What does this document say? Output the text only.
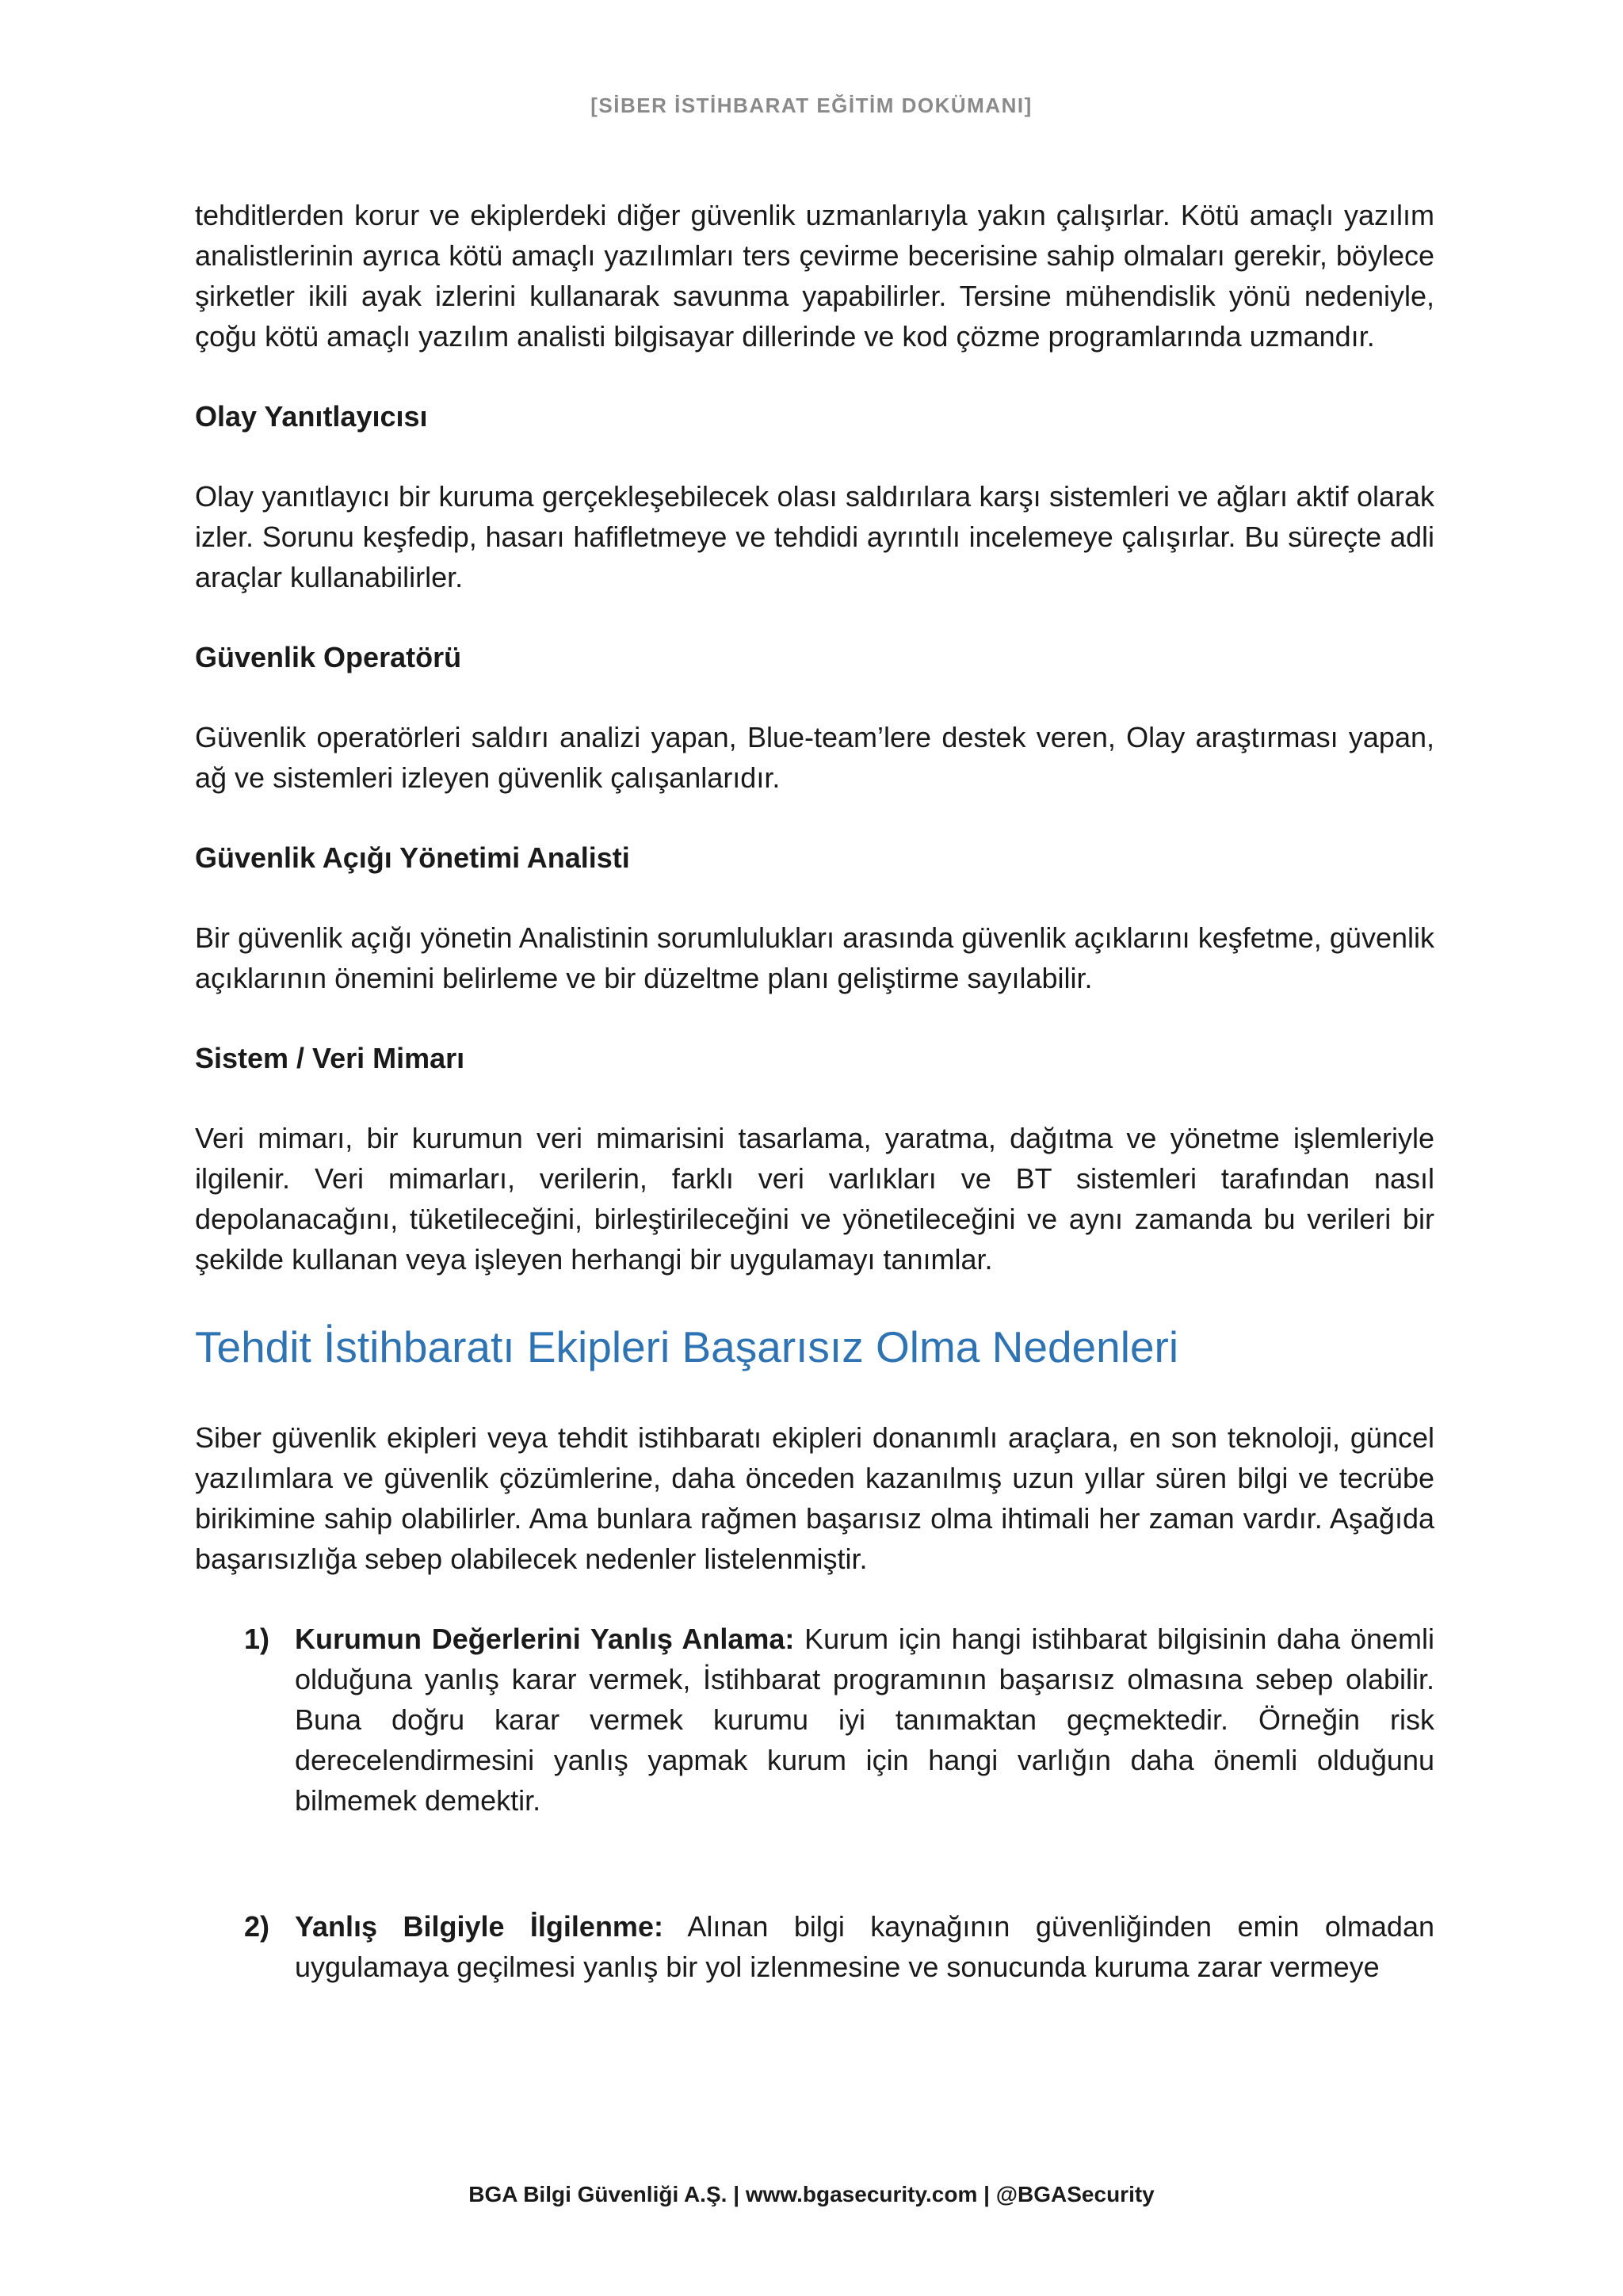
[SİBER İSTİHBARAT EĞİTİM DOKÜMANI]

tehditlerden korur ve ekiplerdeki diğer güvenlik uzmanlarıyla yakın çalışırlar. Kötü amaçlı yazılım analistlerinin ayrıca kötü amaçlı yazılımları ters çevirme becerisine sahip olmaları gerekir, böylece şirketler ikili ayak izlerini kullanarak savunma yapabilirler. Tersine mühendislik yönü nedeniyle, çoğu kötü amaçlı yazılım analisti bilgisayar dillerinde ve kod çözme programlarında uzmandır.

Olay Yanıtlayıcısı

Olay yanıtlayıcı bir kuruma gerçekleşebilecek olası saldırılara karşı sistemleri ve ağları aktif olarak izler. Sorunu keşfedip, hasarı hafifletmeye ve tehdidi ayrıntılı incelemeye çalışırlar. Bu süreçte adli araçlar kullanabilirler.

Güvenlik Operatörü

Güvenlik operatörleri saldırı analizi yapan, Blue-team’lere destek veren, Olay araştırması yapan, ağ ve sistemleri izleyen güvenlik çalışanlarıdır.

Güvenlik Açığı Yönetimi Analisti

Bir güvenlik açığı yönetin Analistinin sorumlulukları arasında güvenlik açıklarını keşfetme, güvenlik açıklarının önemini belirleme ve bir düzeltme planı geliştirme sayılabilir.

Sistem / Veri Mimarı

Veri mimarı, bir kurumun veri mimarisini tasarlama, yaratma, dağıtma ve yönetme işlemleriyle ilgilenir. Veri mimarları, verilerin, farklı veri varlıkları ve BT sistemleri tarafından nasıl depolanacağını, tüketileceğini, birleştirileceğini ve yönetileceğini ve aynı zamanda bu verileri bir şekilde kullanan veya işleyen herhangi bir uygulamayı tanımlar.

Tehdit İstihbaratı Ekipleri Başarısız Olma Nedenleri

Siber güvenlik ekipleri veya tehdit istihbaratı ekipleri donanımlı araçlara, en son teknoloji, güncel yazılımlara ve güvenlik çözümlerine, daha önceden kazanılmış uzun yıllar süren bilgi ve tecrübe birikimine sahip olabilirler. Ama bunlara rağmen başarısız olma ihtimali her zaman vardır. Aşağıda başarısızlığa sebep olabilecek nedenler listelenmiştir.

1) Kurumun Değerlerini Yanlış Anlama: Kurum için hangi istihbarat bilgisinin daha önemli olduğuna yanlış karar vermek, İstihbarat programının başarısız olmasına sebep olabilir. Buna doğru karar vermek kurumu iyi tanımaktan geçmektedir. Örneğin risk derecelendirmesini yanlış yapmak kurum için hangi varlığın daha önemli olduğunu bilmemek demektir.
2) Yanlış Bilgiyle İlgilenme: Alınan bilgi kaynağının güvenliğinden emin olmadan uygulamaya geçilmesi yanlış bir yol izlenmesine ve sonucunda kuruma zarar vermeye
BGA Bilgi Güvenliği A.Ş. | www.bgasecurity.com | @BGASecurity
